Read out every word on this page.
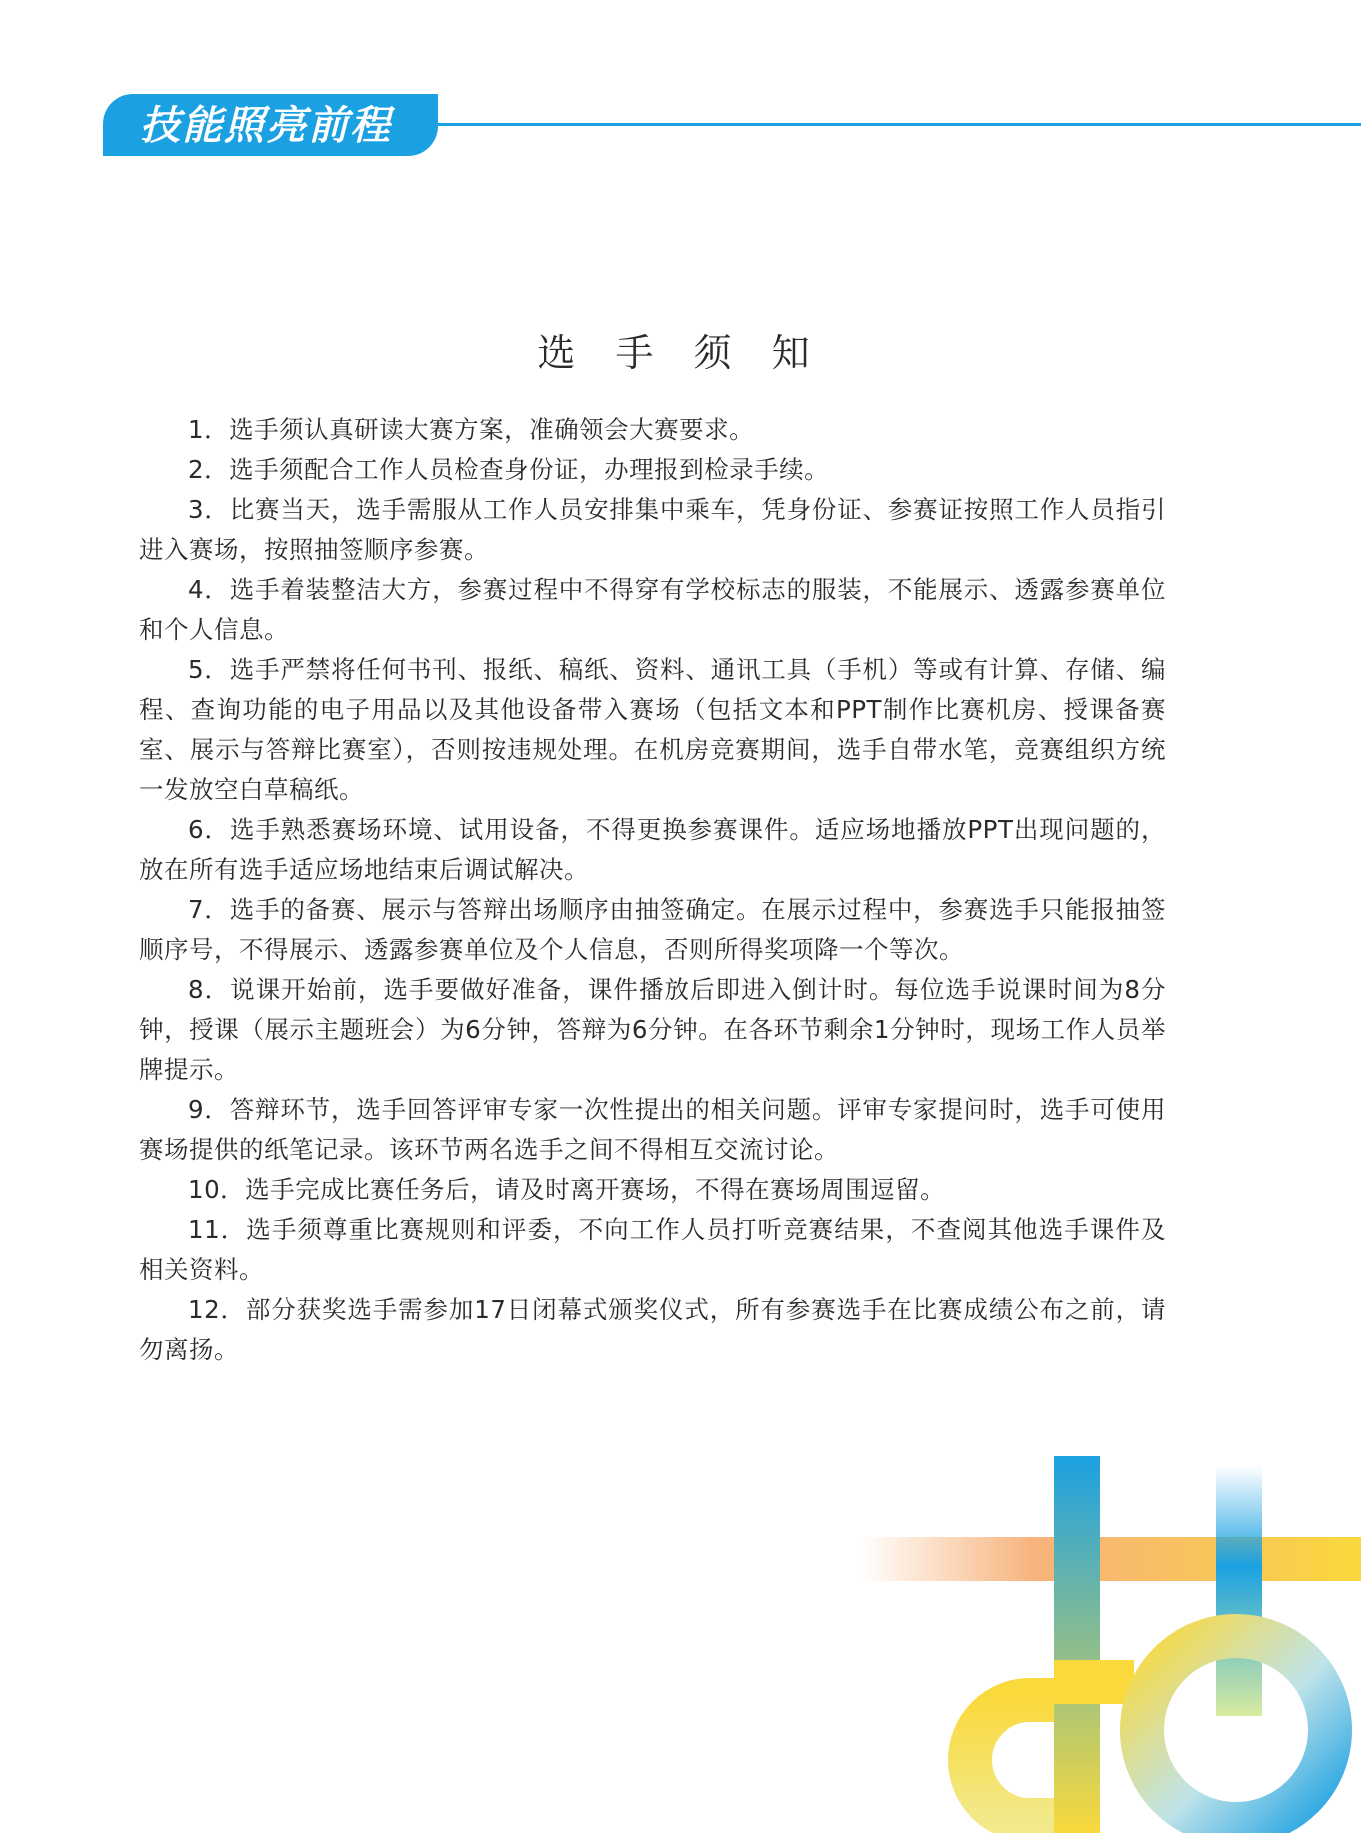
技能照亮前程
选 手 须 知
1．选手须认真研读大赛方案，准确领会大赛要求。
2．选手须配合工作人员检查身份证，办理报到检录手续。
3．比赛当天，选手需服从工作人员安排集中乘车，凭身份证、参赛证按照工作人员指引进入赛场，按照抽签顺序参赛。
4．选手着装整洁大方，参赛过程中不得穿有学校标志的服装，不能展示、透露参赛单位和个人信息。
5．选手严禁将任何书刊、报纸、稿纸、资料、通讯工具（手机）等或有计算、存储、编程、查询功能的电子用品以及其他设备带入赛场（包括文本和PPT制作比赛机房、授课备赛室、展示与答辩比赛室），否则按违规处理。在机房竞赛期间，选手自带水笔，竞赛组织方统一发放空白草稿纸。
6．选手熟悉赛场环境、试用设备，不得更换参赛课件。适应场地播放PPT出现问题的，放在所有选手适应场地结束后调试解决。
7．选手的备赛、展示与答辩出场顺序由抽签确定。在展示过程中，参赛选手只能报抽签顺序号，不得展示、透露参赛单位及个人信息，否则所得奖项降一个等次。
8．说课开始前，选手要做好准备，课件播放后即进入倒计时。每位选手说课时间为8分钟，授课（展示主题班会）为6分钟，答辩为6分钟。在各环节剩余1分钟时，现场工作人员举牌提示。
9．答辩环节，选手回答评审专家一次性提出的相关问题。评审专家提问时，选手可使用赛场提供的纸笔记录。该环节两名选手之间不得相互交流讨论。
10．选手完成比赛任务后，请及时离开赛场，不得在赛场周围逗留。
11．选手须尊重比赛规则和评委，不向工作人员打听竞赛结果，不查阅其他选手课件及相关资料。
12．部分获奖选手需参加17日闭幕式颁奖仪式，所有参赛选手在比赛成绩公布之前，请勿离扬。
